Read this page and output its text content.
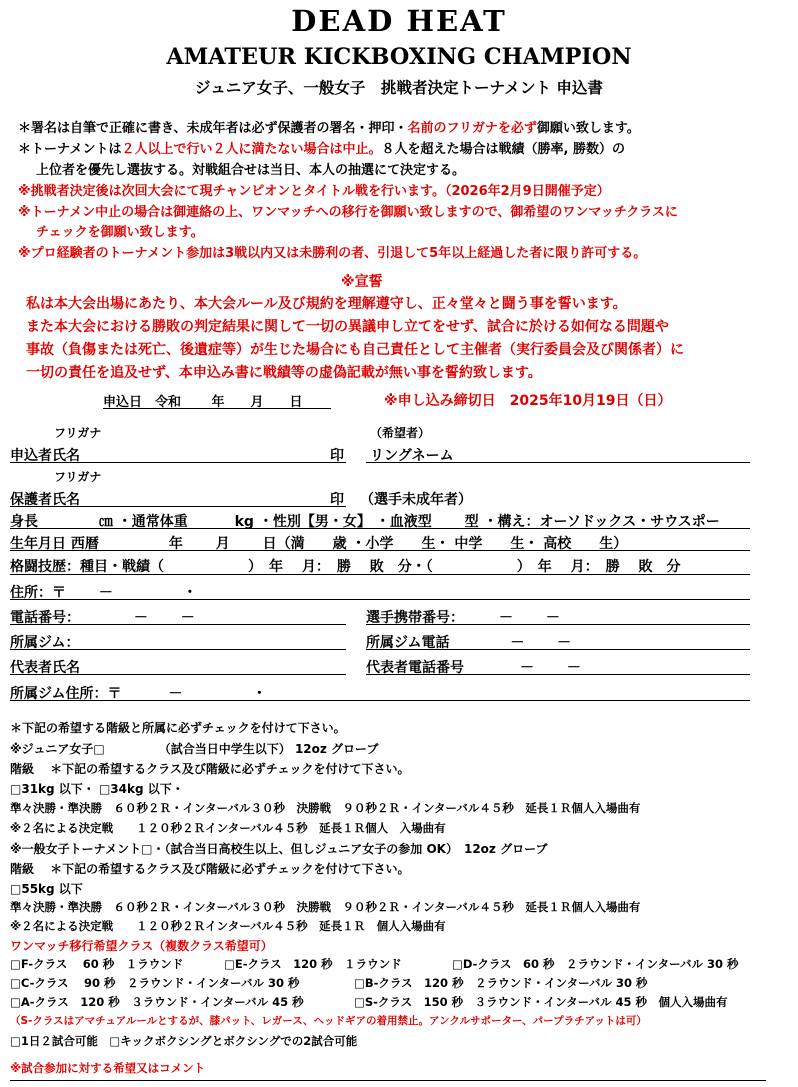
DEAD HEAT
AMATEUR KICKBOXING CHAMPION
ジュニア女子、一般女子　挑戦者決定トーナメント 申込書
＊署名は自筆で正確に書き、未成年者は必ず保護者の署名・押印・名前のフリガナを必ず御願い致します。
＊トーナメントは２人以上で行い２人に満たない場合は中止。８人を超えた場合は戦績（勝率, 勝数）の
上位者を優先し選抜する。対戦組合せは当日、本人の抽選にて決定する。
※挑戦者決定後は次回大会にて現チャンピオンとタイトル戦を行います。（2026年2月9日開催予定）
※トーナメン中止の場合は御連絡の上、ワンマッチへの移行を御願い致しますので、御希望のワンマッチクラスに
チェックを御願い致します。
※プロ経験者のトーナメント参加は3戦以内又は未勝利の者、引退して5年以上経過した者に限り許可する。
※宣誓
私は本大会出場にあたり、本大会ルール及び規約を理解遵守し、正々堂々と闘う事を誓います。
また本大会における勝敗の判定結果に関して一切の異議申し立てをせず、試合に於ける如何なる問題や
事故（負傷または死亡、後遺症等）が生じた場合にも自己責任として主催者（実行委員会及び関係者）に
一切の責任を追及せず、本申込み書に戦績等の虚偽記載が無い事を誓約致します。
申込日　令和　　 年　　月　　日	※申し込み締切日　2025年10月19日（日）
フリガナ	（希望者）
申込者氏名	印 リングネーム
フリガナ
保護者氏名	印 （選手未成年者）
身長　　　　 ㎝ ・通常体重　　　 kg ・性別【男・女】 ・血液型　　 型 ・構え：オーソドックス・サウスポー
生年月日 西暦　　　　　年　　 月　　 日（満　　歳 ・小学　　生・ 中学　　生・ 高校　　生）
格闘技歴：種目・戦績（　　　　　　）　年　 月：　勝　 敗　分・（　　　　　　）　年　 月：　勝　 敗　分
住所：〒　　 －　　　　　・
電話番号：　　　　 －　　 －	選手携帯番号：　　　－　　 －
所属ジム：	所属ジム電話　　　　 －　　 －
代表者氏名	代表者電話番号　　　　－　　 －
所属ジム住所：〒　　　 －　　　　　・
＊下記の希望する階級と所属に必ずチェックを付けて下さい。
※ジュニア女子□　　　　　（試合当日中学生以下） 12oz グローブ
階級　 ＊下記の希望するクラス及び階級に必ずチェックを付けて下さい。
□31kg 以下・ □34kg 以下・
準々決勝・準決勝　６０秒２Ｒ・インターバル３０秒　決勝戦　９０秒２Ｒ・インターバル４５秒　延長１Ｒ個人入場曲有
※２名による決定戦　　１２０秒２Ｒインターバル４５秒　延長１Ｒ個人　入場曲有
※一般女子トーナメント□・（試合当日高校生以上、但しジュニア女子の参加 OK）　12oz グローブ
階級　 ＊下記の希望するクラス及び階級に必ずチェックを付けて下さい。
□55kg 以下
準々決勝・準決勝　６０秒２Ｒ・インターバル３０秒　決勝戦　９０秒２Ｒ・インターバル４５秒　延長１Ｒ個人入場曲有
※２名による決定戦　　１２０秒２Ｒインターバル４５秒　延長１Ｒ　個人入場曲有
ワンマッチ移行希望クラス（複数クラス希望可）
□F-クラス　 60 秒　１ラウンド	□E-クラス　120 秒　１ラウンド	□D-クラス　60 秒　２ラウンド・インターバル 30 秒
□C-クラス　 90 秒　２ラウンド・インターバル 30 秒	□B-クラス　120 秒　２ラウンド・インターバル 30 秒
□A-クラス　120 秒　３ラウンド・インターバル 45 秒	□S-クラス　150 秒　３ラウンド・インターバル 45 秒　個人入場曲有
（S-クラスはアマチュアルールとするが、膝パット、レガース、ヘッドギアの着用禁止。アンクルサポーター、パープラチアットは可）
□1日２試合可能　□キックボクシングとボクシングでの2試合可能
※試合参加に対する希望又はコメント
